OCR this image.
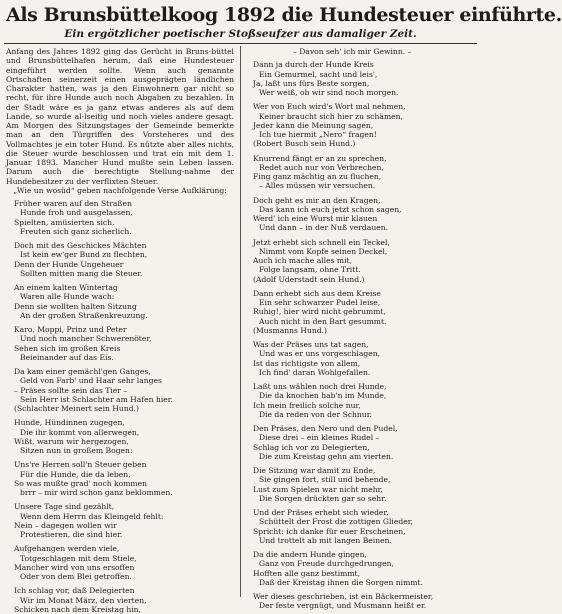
Als Brunsbüttelkoog 1892 die Hundesteuer einführte.
Ein ergötzlicher poetischer Stoßseufzer aus damaliger Zeit.

Anfang des Jahres 1892 ging das Gerücht in Bruns-büttel und Brunsbüttelhafen herum, daß eine Hundesteuer eingeführt werden sollte. Wenn auch genannte Ortschaften seinerzeit einen ausgeprägten ländlichen Charakter hatten, was ja den Einwohnern gar nicht so recht, für ihre Hunde auch noch Abgaben zu bezahlen. In der Stadt wäre es ja ganz etwas anderes als auf dem Lande, so wurde al-lseitig und noch vieles andere gesagt. Am Morgen des Sitzungstages der Gemeinde bemerkte man an den Türgriffen des Vorsteheres und des Vollmachtes je ein toter Hund. Es nützte aber alles nichts, die Steuer wurde beschlossen und trat ein mit dem 1. Januar 1893. Mancher Hund mußte sein Leben lassen. Darum auch die berechtigte Stellung-nahme der Hundebesitzer zu der verflixten Steuer.

„Wie un wosüd“ geben nachfolgende Verse Aufklärung:
Früher waren auf den Straßen
Hunde froh und ausgelassen,
Spielten, amüsierten sich,
Freuten sich ganz sicherlich.
Doch mit des Geschickes Mächten
Ist kein ew'ger Bund zu flechten,
Denn der Hunde Ungeheuer
Sollten mitten mang die Steuer.
An einem kalten Wintertag
Waren alle Hunde wach:
Denn sie wollten halten Sitzung
An der großen Straßenkreuzung.
Karo, Moppi, Prinz und Peter
Und noch mancher Schwerenöter,
Sehen sich im großen Kreis
Beieinander auf das Eis.
Da kam einer gemächl'gen Ganges,
Geld von Farb' und Haar sehr langes
– Präses sollte sein das Tier –
Sein Herr ist Schlachter am Hafen hier.
(Schlachter Meinert sein Hund.)
Hunde, Hündinnen zugegen,
Die ihr kommt von allerwegen,
Wißt, warum wir hergezogen,
Sitzen nun in großem Bogen:
Uns're Herren soll'n Steuer geben
Für die Hunde, die da leben,
So was mußte grad' noch kommen
brrr – mir wird schon ganz beklommen.
Unsere Tage sind gezählt,
Wenn dem Herrn das Kleingeld fehlt:
Nein – dagegen wollen wir
Protestieren, die sind hier.
Aufgehangen werden viele,
Totgeschlagen mit dem Stiele,
Mancher wird von uns ersoffen
Oder von dem Blei getroffen.
Ich schlag vor, daß Delegierten
Wir im Monat März, den vierten,
Schicken nach dem Kreistag hin,
– Davon seh' ich mir Gewinn. –
Dann ja durch der Hunde Kreis
Ein Gemurmel, sacht und leis',
Ja, laßt uns fürs Beste sorgen,
Wer weiß, ob wir sind noch morgen.
Wer von Euch wird's Wort mal nehmen,
Keiner braucht sich hier zu schämen,
Jeder kann die Meinung sagen,
Ich tue hiermit „Nero“ fragen!
(Robert Busch sein Hund.)
Knurrend fängt er an zu sprechen,
Redet auch nur von Verbrechen,
Fing ganz mächtig an zu fluchen,
– Alles müssen wir versuchen.
Doch geht es mir an den Kragen,
Das kann ich euch jetzt schon sagen,
Werd' ich eine Wurst mir klauen
Und dann – in der Nuß verdauen.
Jetzt erhebt sich schnell ein Teckel,
Nimmt vom Kopfe seinen Deckel,
Auch ich mache alles mit,
Folge langsam, ohne Tritt.
(Adolf Uderstadt sein Hund.)
Dann erhebt sich aus dem Kreise
Ein sehr schwarzer Pudel leise,
Ruhig!, hier wird nicht gebrummt,
Auch nicht in den Bart gesummt.
(Musmanns Hund.)
Was der Präses uns tat sagen,
Und was er uns vorgeschlagen,
Ist das richtigste von allem,
Ich find' daran Wohlgefallen.
Laßt uns wählen noch drei Hunde,
Die da knochen hab'n im Munde,
Ich mein freilich solche nur,
Die da reden von der Schnur.
Den Präses, den Nero und den Pudel,
Diese drei – ein kleines Rudel –
Schlag ich vor zu Delegierten,
Die zum Kreistag gehn am vierten.
Die Sitzung war damit zu Ende,
Sie gingen fort, still und behende,
Lust zum Spielen war nicht mehr,
Die Sorgen drückten gar so sehr.
Und der Präses erhebt sich wieder,
Schüttelt der Frost die zottigen Glieder,
Spricht: ich danke für euer Erscheinen,
Und trottelt ab mit langen Beinen.
Da die andern Hunde gingen,
Ganz von Freude durchgedrungen,
Hofften alle ganz bestimmt,
Daß der Kreistag ihnen die Sorgen nimmt.
Wer dieses geschrieben, ist ein Bäckermeister,
Der feste vergnügt, und Musmann heißt er.
